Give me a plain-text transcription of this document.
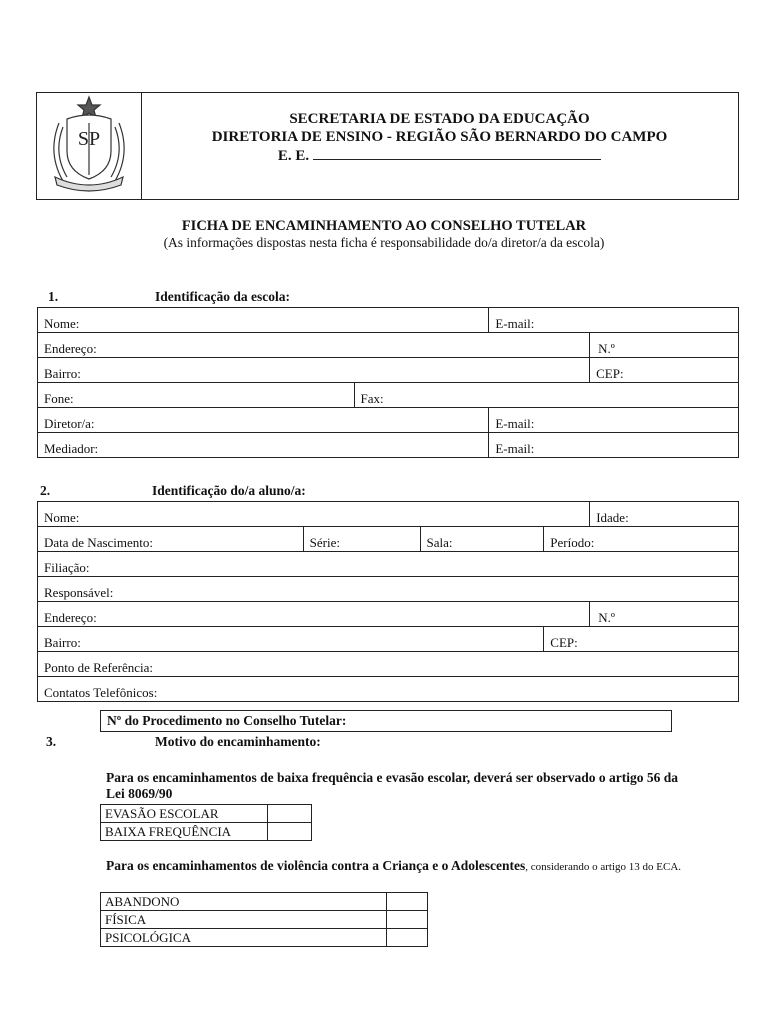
SP
SECRETARIA DE ESTADO DA EDUCAÇÃO
DIRETORIA DE ENSINO - REGIÃO SÃO BERNARDO DO CAMPO
E. E.
FICHA DE ENCAMINHAMENTO AO CONSELHO TUTELAR
(As informações dispostas nesta ficha é responsabilidade do/a diretor/a da escola)
1.	Identificação da escola:
Nome:		E-mail:	
Endereço:			N.º
Bairro:			CEP:
Fone:	Fax:		
Diretor/a:		E-mail:	
Mediador:		E-mail:	
2.	Identificação do/a aluno/a:
Nome:				Idade:
Data de Nascimento:	Série:	Sala:	Período:	
Filiação:				
Responsável:				
Endereço:				N.º
Bairro:			CEP:	
Ponto de Referência:				
Contatos Telefônicos:				
Nº do Procedimento no Conselho Tutelar:
3.	Motivo do encaminhamento:
Para os encaminhamentos de baixa frequência e evasão escolar, deverá ser observado o artigo 56 da Lei 8069/90
EVASÃO ESCOLAR	
BAIXA FREQUÊNCIA	
Para os encaminhamentos de violência contra a Criança e o Adolescentes, considerando o artigo 13 do ECA.
ABANDONO	
FÍSICA	
PSICOLÓGICA	
